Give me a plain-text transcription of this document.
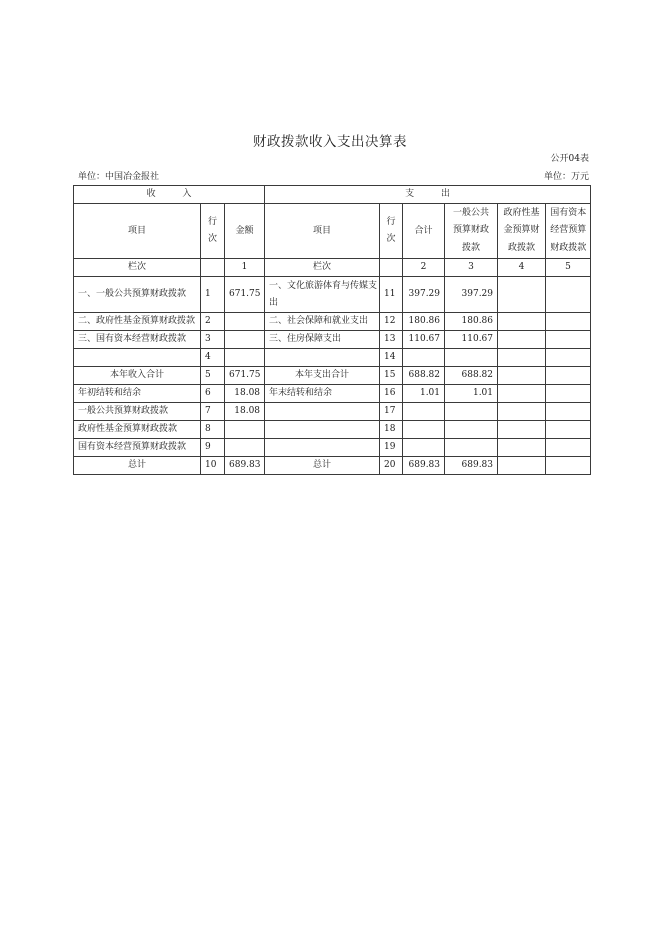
财政拨款收入支出决算表
公开04表
单位：中国冶金报社	单位：万元
收 入			支 出					
项目	行次	金额	项目	行次	合计	一般公共预算财政拨款	政府性基金预算财政拨款	国有资本经营预算财政拨款
栏次		1	栏次		2	3	4	5
一、一般公共预算财政拨款	1	671.75	一、文化旅游体育与传媒支出	11	397.29	397.29		
二、政府性基金预算财政拨款	2		二、社会保障和就业支出	12	180.86	180.86		
三、国有资本经营财政拨款	3		三、住房保障支出	13	110.67	110.67		
	4			14				
本年收入合计	5	671.75	本年支出合计	15	688.82	688.82		
年初结转和结余	6	18.08	年末结转和结余	16	1.01	1.01		
一般公共预算财政拨款	7	18.08		17				
政府性基金预算财政拨款	8			18				
国有资本经营预算财政拨款	9			19				
总计	10	689.83	总计	20	689.83	689.83		
